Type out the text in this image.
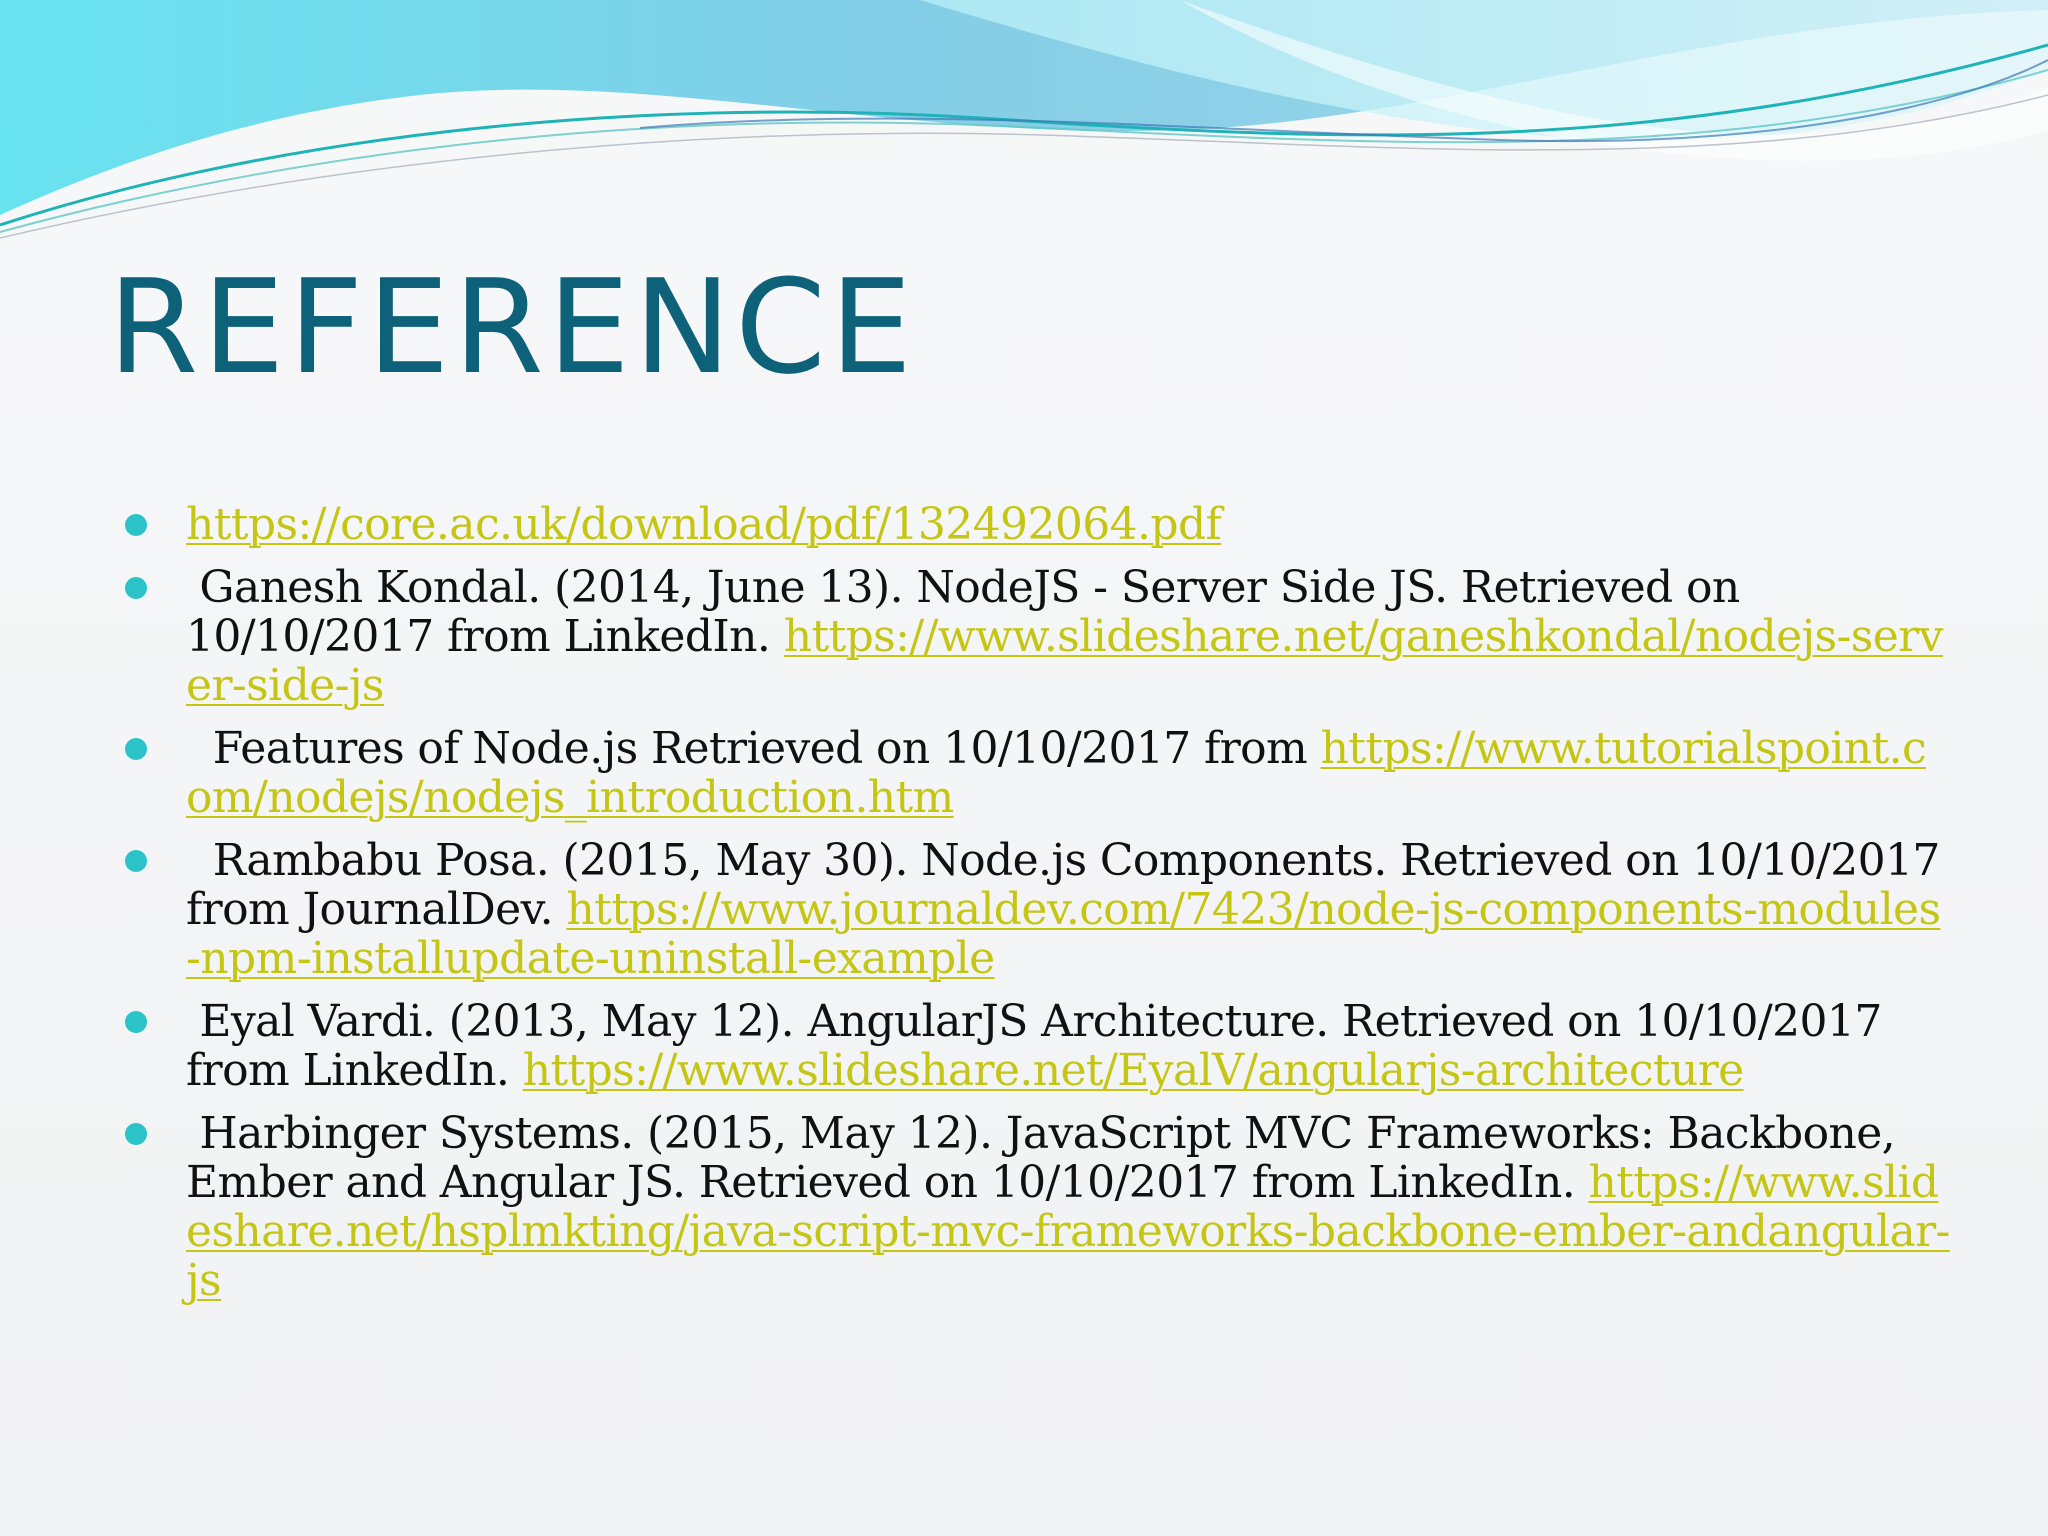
REFERENCE
https://core.ac.uk/download/pdf/132492064.pdf
Ganesh Kondal. (2014, June 13). NodeJS - Server Side JS. Retrieved on 10/10/2017 from LinkedIn. https://www.slideshare.net/ganeshkondal/nodejs-server-side-js
Features of Node.js Retrieved on 10/10/2017 from https://www.tutorialspoint.com/nodejs/nodejs_introduction.htm
Rambabu Posa. (2015, May 30). Node.js Components. Retrieved on 10/10/2017 from JournalDev. https://www.journaldev.com/7423/node-js-components-modules-npm-installupdate-uninstall-example
Eyal Vardi. (2013, May 12). AngularJS Architecture. Retrieved on 10/10/2017 from LinkedIn. https://www.slideshare.net/EyalV/angularjs-architecture
Harbinger Systems. (2015, May 12). JavaScript MVC Frameworks: Backbone, Ember and Angular JS. Retrieved on 10/10/2017 from LinkedIn. https://www.slideshare.net/hsplmkting/java-script-mvc-frameworks-backbone-ember-andangular-js
